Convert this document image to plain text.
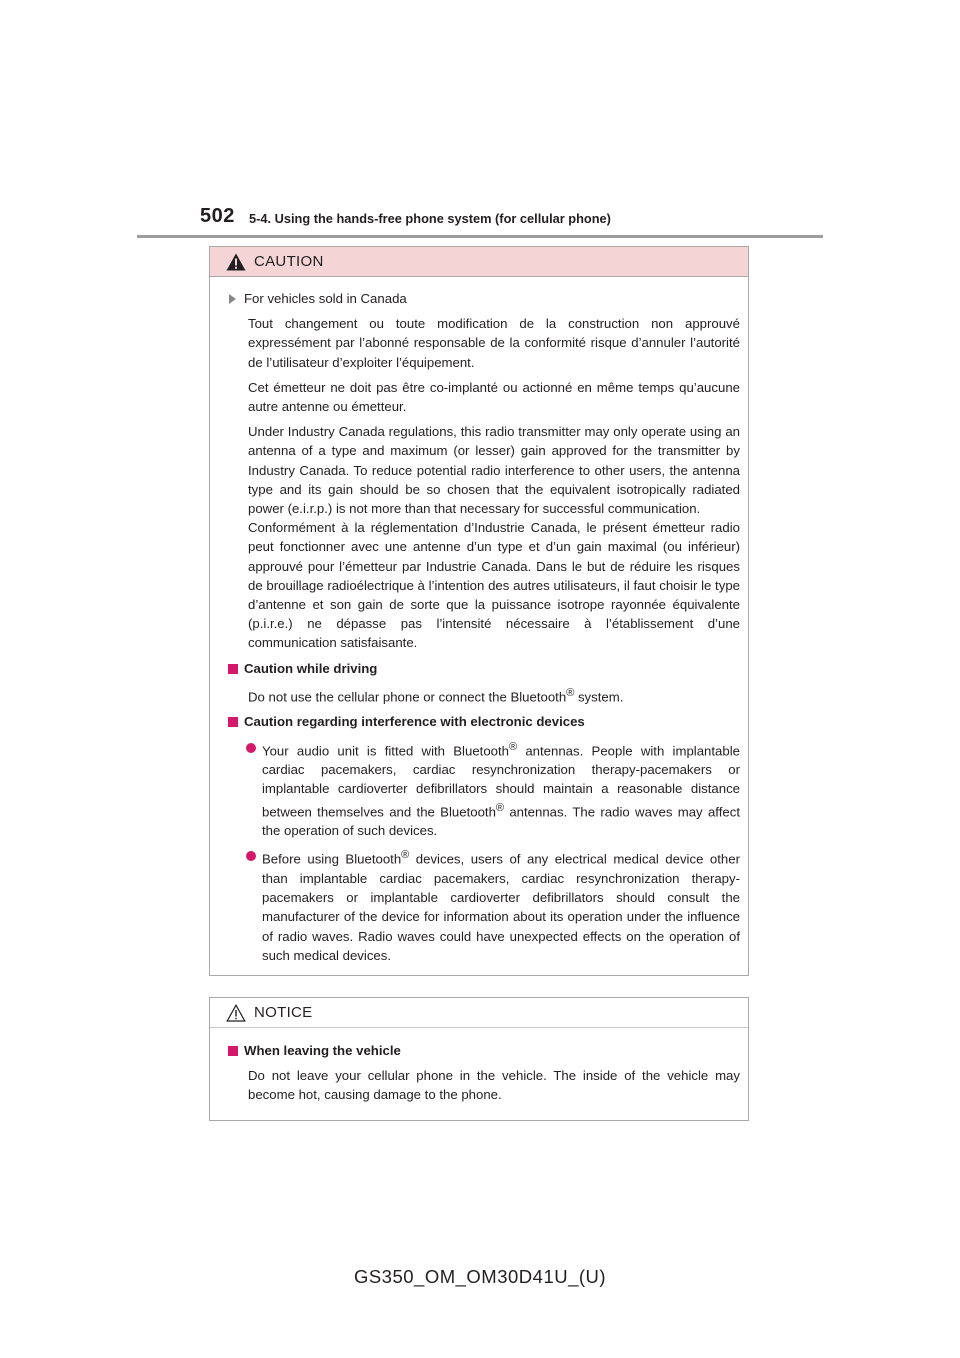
502 5-4. Using the hands-free phone system (for cellular phone)
CAUTION
For vehicles sold in Canada

Tout changement ou toute modification de la construction non approuvé expressément par l’abonné responsable de la conformité risque d’annuler l’autorité de l’utilisateur d’exploiter l’équipement.

Cet émetteur ne doit pas être co-implanté ou actionné en même temps qu’aucune autre antenne ou émetteur.

Under Industry Canada regulations, this radio transmitter may only operate using an antenna of a type and maximum (or lesser) gain approved for the transmitter by Industry Canada. To reduce potential radio interference to other users, the antenna type and its gain should be so chosen that the equivalent isotropically radiated power (e.i.r.p.) is not more than that necessary for successful communication.

Conformément à la réglementation d’Industrie Canada, le présent émetteur radio peut fonctionner avec une antenne d’un type et d’un gain maximal (ou inférieur) approuvé pour l’émetteur par Industrie Canada. Dans le but de réduire les risques de brouillage radioélectrique à l’intention des autres utilisateurs, il faut choisir le type d’antenne et son gain de sorte que la puissance isotrope rayonnée équivalente (p.i.r.e.) ne dépasse pas l’intensité nécessaire à l’établissement d’une communication satisfaisante.

Caution while driving

Do not use the cellular phone or connect the Bluetooth® system.

Caution regarding interference with electronic devices

Your audio unit is fitted with Bluetooth® antennas. People with implantable cardiac pacemakers, cardiac resynchronization therapy-pacemakers or implantable cardioverter defibrillators should maintain a reasonable distance between themselves and the Bluetooth® antennas. The radio waves may affect the operation of such devices.

Before using Bluetooth® devices, users of any electrical medical device other than implantable cardiac pacemakers, cardiac resynchronization therapy-pacemakers or implantable cardioverter defibrillators should consult the manufacturer of the device for information about its operation under the influence of radio waves. Radio waves could have unexpected effects on the operation of such medical devices.

NOTICE
When leaving the vehicle

Do not leave your cellular phone in the vehicle. The inside of the vehicle may become hot, causing damage to the phone.

GS350_OM_OM30D41U_(U)
